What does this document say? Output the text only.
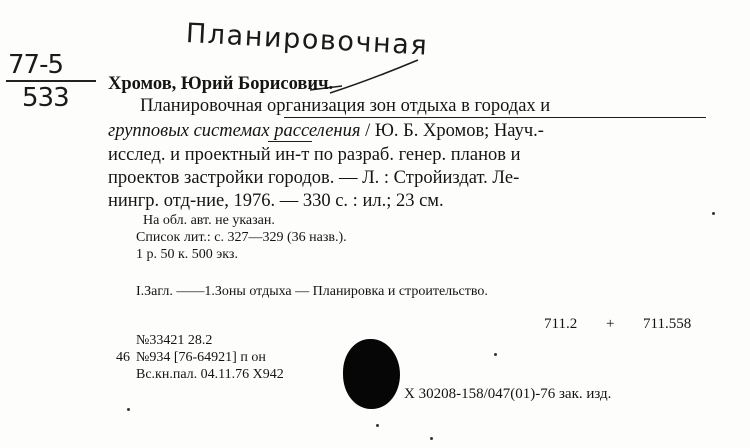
Планировочная
77-5
533 Хромов, Юрий Борисович.
Планировочная организация зон отдыха в городах и
групповых системах расселения / Ю. Б. Хромов; Науч.-
исслед. и проектный ин-т по разраб. генер. планов и
проектов застройки городов. — Л. : Стройиздат. Ле-
нингр. отд-ние, 1976. — 330 с. : ил.; 23 см.
На обл. авт. не указан.
Список лит.: с. 327—329 (36 назв.).
1 р. 50 к. 500 экз.
I.Загл. ——1.Зоны отдыха — Планировка и строительство.
711.2 + 711.558
№33421 28.2
46 №934 [76-64921] п он
Вс.кн.пал. 04.11.76 Х942
Х 30208-158/047(01)-76 зак. изд.
